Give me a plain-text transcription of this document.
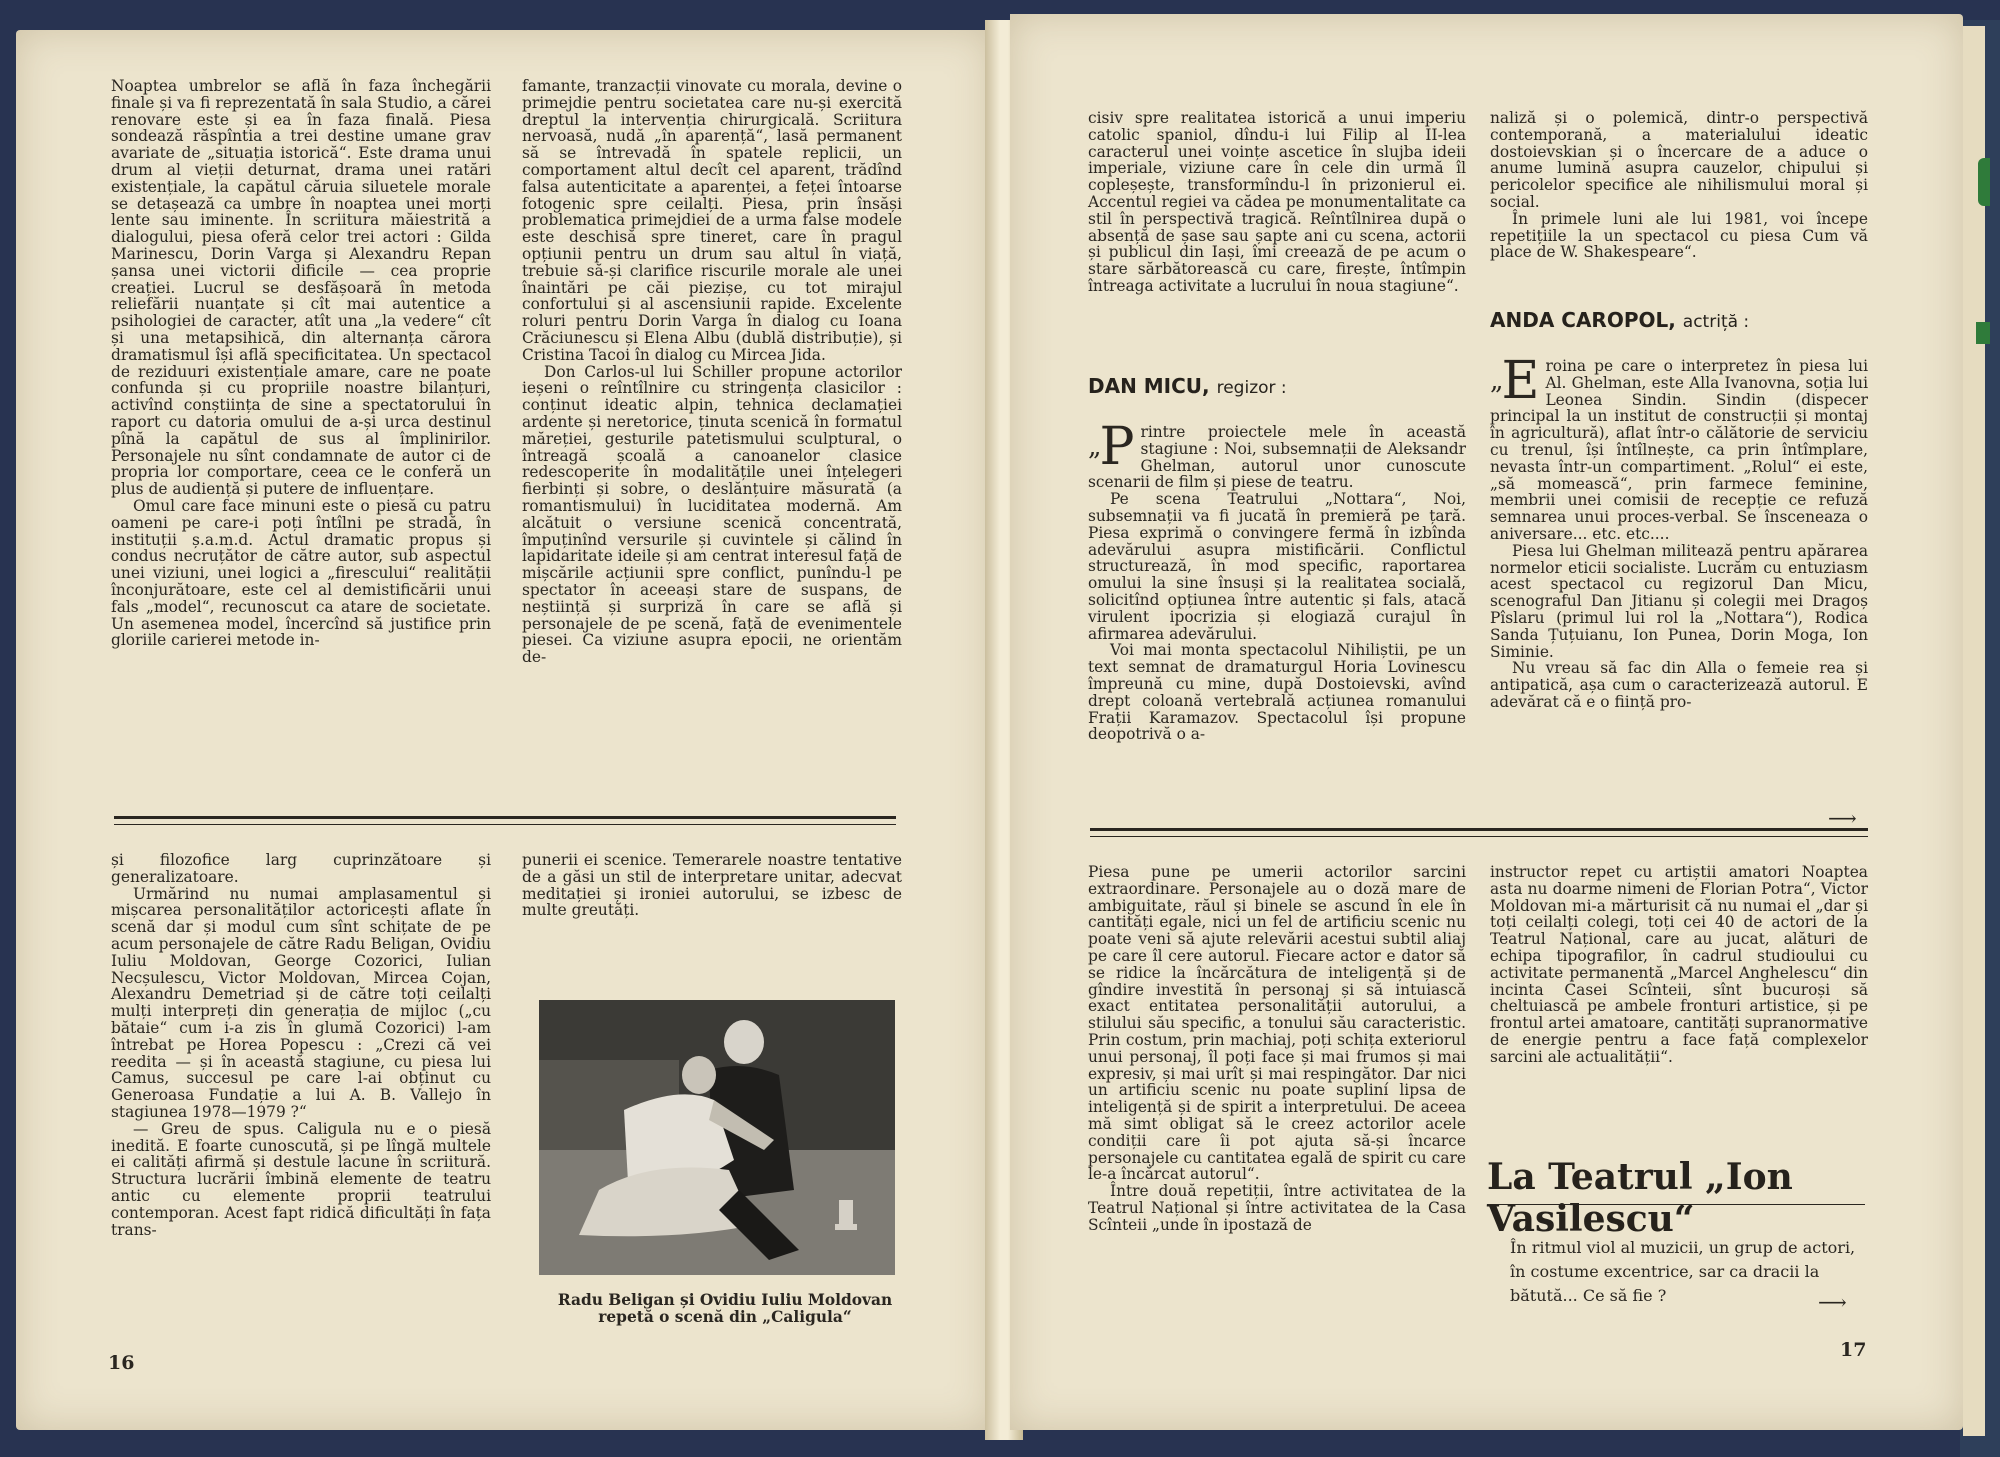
Noaptea umbrelor se află în faza închegării finale și va fi reprezentată în sala Studio, a cărei renovare este și ea în faza finală. Piesa sondează răspîntia a trei destine umane grav avariate de „situația istorică“. Este drama unui drum al vieții deturnat, drama unei ratări existențiale, la capătul căruia siluetele morale se detașează ca umbre în noaptea unei morți lente sau iminente. În scriitura măiestrită a dialogului, piesa oferă celor trei actori : Gilda Marinescu, Dorin Varga și Alexandru Repan șansa unei victorii dificile — cea proprie creației. Lucrul se desfășoară în metoda reliefării nuanțate și cît mai autentice a psihologiei de caracter, atît una „la vedere“ cît și una metapsihică, din alternanța cărora dramatismul își află specificitatea. Un spectacol de reziduuri existențiale amare, care ne poate confunda și cu propriile noastre bilanțuri, activînd conștiința de sine a spectatorului în raport cu datoria omului de a-și urca destinul pînă la capătul de sus al împlinirilor. Personajele nu sînt condamnate de autor ci de propria lor comportare, ceea ce le conferă un plus de audiență și putere de influențare.

Omul care face minuni este o piesă cu patru oameni pe care-i poți întîlni pe stradă, în instituții ș.a.m.d. Actul dramatic propus și condus necruțător de către autor, sub aspectul unei viziuni, unei logici a „firescului“ realității înconjurătoare, este cel al demistificării unui fals „model“, recunoscut ca atare de societate. Un asemenea model, încercînd să justifice prin gloriile carierei metode in-

famante, tranzacții vinovate cu morala, devine o primejdie pentru societatea care nu-și exercită dreptul la intervenția chirurgicală. Scriitura nervoasă, nudă „în aparență“, lasă permanent să se întrevadă în spatele replicii, un comportament altul decît cel aparent, trădînd falsa autenticitate a aparenței, a feței întoarse fotogenic spre ceilalți. Piesa, prin însăși problematica primejdiei de a urma false modele este deschisă spre tineret, care în pragul opțiunii pentru un drum sau altul în viață, trebuie să-și clarifice riscurile morale ale unei înaintări pe căi piezișe, cu tot mirajul confortului și al ascensiunii rapide. Excelente roluri pentru Dorin Varga în dialog cu Ioana Crăciunescu și Elena Albu (dublă distribuție), și Cristina Tacoi în dialog cu Mircea Jida.

Don Carlos-ul lui Schiller propune actorilor ieșeni o reîntîlnire cu stringența clasicilor : conținut ideatic alpin, tehnica declamației ardente și neretorice, ținuta scenică în formatul măreției, gesturile patetismului sculptural, o întreagă școală a canoanelor clasice redescoperite în modalitățile unei înțelegeri fierbinți și sobre, o deslănțuire măsurată (a romantismului) în luciditatea modernă. Am alcătuit o versiune scenică concentrată, împuținînd versurile și cuvintele și călind în lapidaritate ideile și am centrat interesul față de mișcările acțiunii spre conflict, punîndu-l pe spectator în aceeași stare de suspans, de neștiință și surpriză în care se află și personajele de pe scenă, față de evenimentele piesei. Ca viziune asupra epocii, ne orientăm de-

și filozofice larg cuprinzătoare și generalizatoare.

Urmărind nu numai amplasamentul și mișcarea personalităților actoricești aflate în scenă dar și modul cum sînt schițate de pe acum personajele de către Radu Beligan, Ovidiu Iuliu Moldovan, George Cozorici, Iulian Necșulescu, Victor Moldovan, Mircea Cojan, Alexandru Demetriad și de către toți ceilalți mulți interpreți din generația de mijloc („cu bătaie“ cum i-a zis în glumă Cozorici) l-am întrebat pe Horea Popescu : „Crezi că vei reedita — și în această stagiune, cu piesa lui Camus, succesul pe care l-ai obținut cu Generoasa Fundație a lui A. B. Vallejo în stagiunea 1978—1979 ?“

— Greu de spus. Caligula nu e o piesă inedită. E foarte cunoscută, și pe lîngă multele ei calități afirmă și destule lacune în scriitură. Structura lucrării îmbină elemente de teatru antic cu elemente proprii teatrului contemporan. Acest fapt ridică dificultăți în fața trans-

punerii ei scenice. Temerarele noastre tentative de a găsi un stil de interpretare unitar, adecvat meditației și ironiei autorului, se izbesc de multe greutăți.

Radu Beligan și Ovidiu Iuliu Moldovan repetă o scenă din „Caligula“

16

cisiv spre realitatea istorică a unui imperiu catolic spaniol, dîndu-i lui Filip al II-lea caracterul unei voințe ascetice în slujba ideii imperiale, viziune care în cele din urmă îl copleșește, transformîndu-l în prizonierul ei. Accentul regiei va cădea pe monumentalitate ca stil în perspectivă tragică. Reîntîlnirea după o absență de șase sau șapte ani cu scena, actorii și publicul din Iași, îmi creează de pe acum o stare sărbătorească cu care, firește, întîmpin întreaga activitate a lucrului în noua stagiune“.

DAN MICU, regizor :

„
P rintre proiectele mele în această stagiune : Noi, subsemnații de Aleksandr Ghelman, autorul unor cunoscute scenarii de film și piese de teatru.

Pe scena Teatrului „Nottara“, Noi, subsemnații va fi jucată în premieră pe țară. Piesa exprimă o convingere fermă în izbînda adevărului asupra mistificării. Conflictul structurează, în mod specific, raportarea omului la sine însuși și la realitatea socială, solicitînd opțiunea între autentic și fals, atacă virulent ipocrizia și elogiază curajul în afirmarea adevărului.

Voi mai monta spectacolul Nihiliștii, pe un text semnat de dramaturgul Horia Lovinescu împreună cu mine, după Dostoievski, avînd drept coloană vertebrală acțiunea romanului Frații Karamazov. Spectacolul își propune deopotrivă o a-

naliză și o polemică, dintr-o perspectivă contemporană, a materialului ideatic dostoievskian și o încercare de a aduce o anume lumină asupra cauzelor, chipului și pericolelor specifice ale nihilismului moral și social.

În primele luni ale lui 1981, voi începe repetițiile la un spectacol cu piesa Cum vă place de W. Shakespeare“.

ANDA CAROPOL, actriță :

„
E roina pe care o interpretez în piesa lui Al. Ghelman, este Alla Ivanovna, soția lui Leonea Sindin. Sindin (dispecer principal la un institut de construcții și montaj în agricultură), aflat într-o călătorie de serviciu cu trenul, își întîlnește, ca prin întîmplare, nevasta într-un compartiment. „Rolul“ ei este, „să momească“, prin farmece feminine, membrii unei comisii de recepție ce refuză semnarea unui proces-verbal. Se însceneaza o aniversare... etc. etc....

Piesa lui Ghelman militează pentru apărarea normelor eticii socialiste. Lucrăm cu entuziasm acest spectacol cu regizorul Dan Micu, scenograful Dan Jitianu și colegii mei Dragoș Pîslaru (primul lui rol la „Nottara“), Rodica Sanda Țuțuianu, Ion Punea, Dorin Moga, Ion Siminie.

Nu vreau să fac din Alla o femeie rea și antipatică, așa cum o caracterizează autorul. E adevărat că e o ființă pro-

⟶

Piesa pune pe umerii actorilor sarcini extraordinare. Personajele au o doză mare de ambiguitate, răul și binele se ascund în ele în cantități egale, nici un fel de artificiu scenic nu poate veni să ajute relevării acestui subtil aliaj pe care îl cere autorul. Fiecare actor e dator să se ridice la încărcătura de inteligență și de gîndire investită în personaj și să intuiască exact entitatea personalității autorului, a stilului său specific, a tonului său caracteristic. Prin costum, prin machiaj, poți schița exteriorul unui personaj, îl poți face și mai frumos și mai expresiv, și mai urît și mai respingător. Dar nici un artificiu scenic nu poate supliní lipsa de inteligență și de spirit a interpretului. De aceea mă simt obligat să le creez actorilor acele condiții care îi pot ajuta să-și încarce personajele cu cantitatea egală de spirit cu care le-a încărcat autorul“.

Între două repetiții, între activitatea de la Teatrul Național și între activitatea de la Casa Scînteii „unde în ipostază de

instructor repet cu artiștii amatori Noaptea asta nu doarme nimeni de Florian Potra“, Victor Moldovan mi-a mărturisit că nu numai el „dar și toți ceilalți colegi, toți cei 40 de actori de la Teatrul Național, care au jucat, alături de echipa tipografilor, în cadrul studioului cu activitate permanentă „Marcel Anghelescu“ din incinta Casei Scînteii, sînt bucuroși să cheltuiască pe ambele fronturi artistice, și pe frontul artei amatoare, cantități supranormative de energie pentru a face față complexelor sarcini ale actualității“.

La Teatrul „Ion Vasilescu“

În ritmul viol al muzicii, un grup de actori, în costume excentrice, sar ca dracii la bătută... Ce să fie ?	⟶
17
